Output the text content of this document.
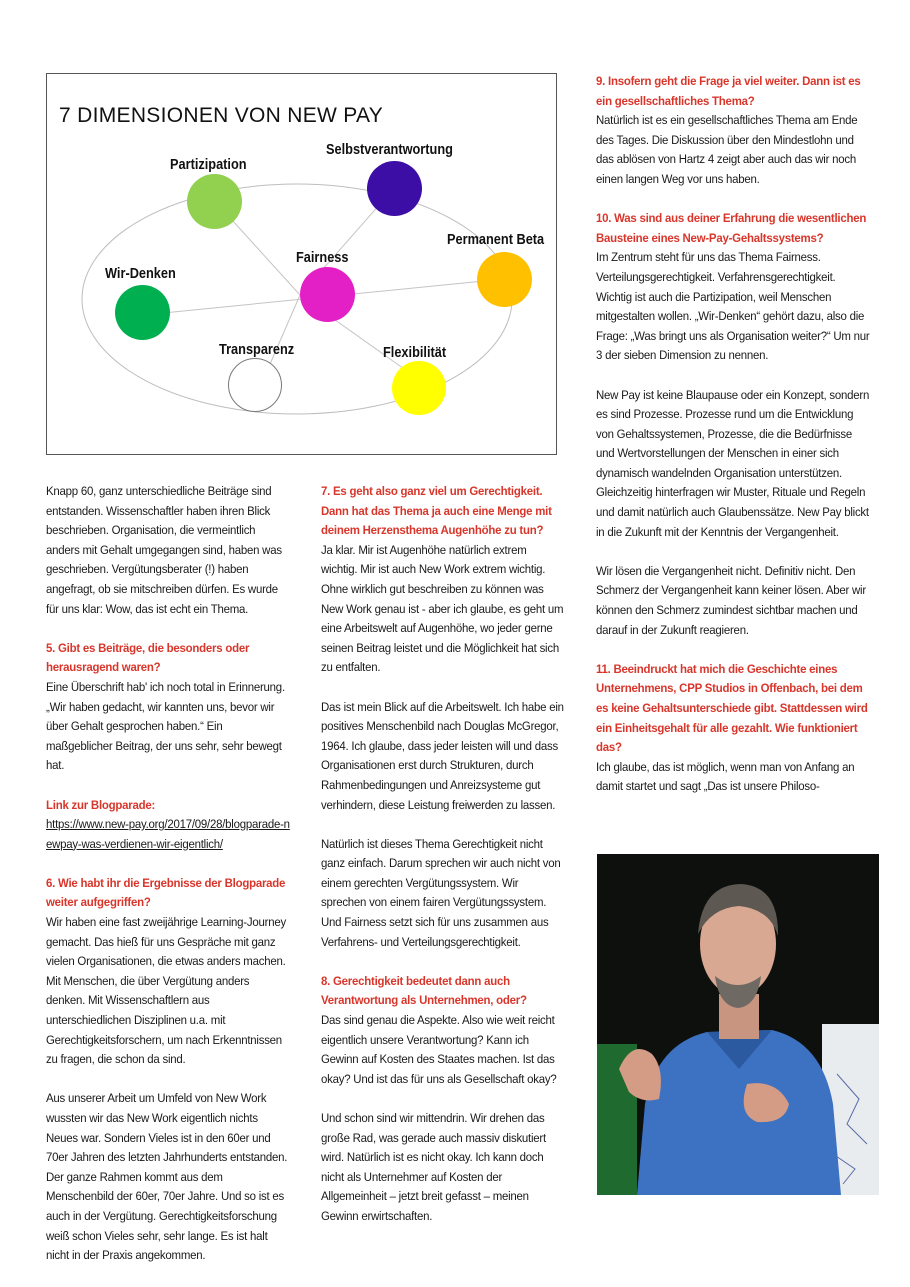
7 DIMENSIONEN VON NEW PAY
Partizipation
Selbstverantwortung
Permanent Beta
Fairness
Wir-Denken
Transparenz	Flexibilität

Knapp 60, ganz unterschiedliche Beiträge sind entstanden. Wissenschaftler haben ihren Blick beschrieben. Organisation, die vermeintlich anders mit Gehalt umgegangen sind, haben was geschrieben. Vergütungsberater (!) haben angefragt, ob sie mitschreiben dürfen. Es wurde für uns klar: Wow, das ist echt ein Thema.

5. Gibt es Beiträge, die besonders oder herausragend waren?

Eine Überschrift hab' ich noch total in Erinnerung. „Wir haben gedacht, wir kannten uns, bevor wir über Gehalt gesprochen haben.“ Ein maßgeblicher Beitrag, der uns sehr, sehr bewegt hat.

Link zur Blogparade:

https://www.new-pay.org/2017/09/28/blogparade-newpay-was-verdienen-wir-eigentlich/

6. Wie habt ihr die Ergebnisse der Blogparade weiter aufgegriffen?

Wir haben eine fast zweijährige Learning-Journey gemacht. Das hieß für uns Gespräche mit ganz vielen Organisationen, die etwas anders machen. Mit Menschen, die über Vergütung anders denken. Mit Wissenschaftlern aus unterschiedlichen Disziplinen u.a. mit Gerechtigkeitsforschern, um nach Erkenntnissen zu fragen, die schon da sind.

Aus unserer Arbeit um Umfeld von New Work wussten wir das New Work eigentlich nichts Neues war. Sondern Vieles ist in den 60er und 70er Jahren des letzten Jahrhunderts entstanden. Der ganze Rahmen kommt aus dem Menschenbild der 60er, 70er Jahre. Und so ist es auch in der Vergütung. Gerechtigkeitsforschung weiß schon Vieles sehr, sehr lange. Es ist halt nicht in der Praxis angekommen.

7. Es geht also ganz viel um Gerechtigkeit. Dann hat das Thema ja auch eine Menge mit deinem Herzensthema Augenhöhe zu tun?

Ja klar. Mir ist Augenhöhe natürlich extrem wichtig. Mir ist auch New Work extrem wichtig. Ohne wirklich gut beschreiben zu können was New Work genau ist - aber ich glaube, es geht um eine Arbeitswelt auf Augenhöhe, wo jeder gerne seinen Beitrag leistet und die Möglichkeit hat sich zu entfalten.

Das ist mein Blick auf die Arbeitswelt. Ich habe ein positives Menschenbild nach Douglas McGregor, 1964. Ich glaube, dass jeder leisten will und dass Organisationen erst durch Strukturen, durch Rahmenbedingungen und Anreizsysteme gut verhindern, diese Leistung freiwerden zu lassen.

Natürlich ist dieses Thema Gerechtigkeit nicht ganz einfach. Darum sprechen wir auch nicht von einem gerechten Vergütungssystem. Wir sprechen von einem fairen Vergütungssystem. Und Fairness setzt sich für uns zusammen aus Verfahrens- und Verteilungsgerechtigkeit.

8. Gerechtigkeit bedeutet dann auch Verantwortung als Unternehmen, oder?

Das sind genau die Aspekte. Also wie weit reicht eigentlich unsere Verantwortung? Kann ich Gewinn auf Kosten des Staates machen. Ist das okay? Und ist das für uns als Gesellschaft okay?

Und schon sind wir mittendrin. Wir drehen das große Rad, was gerade auch massiv diskutiert wird. Natürlich ist es nicht okay. Ich kann doch nicht als Unternehmer auf Kosten der Allgemeinheit – jetzt breit gefasst – meinen Gewinn erwirtschaften.

9. Insofern geht die Frage ja viel weiter. Dann ist es ein gesellschaftliches Thema?

Natürlich ist es ein gesellschaftliches Thema am Ende des Tages. Die Diskussion über den Mindestlohn und das ablösen von Hartz 4 zeigt aber auch das wir noch einen langen Weg vor uns haben.

10. Was sind aus deiner Erfahrung die wesentlichen Bausteine eines New-Pay-Gehaltssystems?

Im Zentrum steht für uns das Thema Fairness. Verteilungsgerechtigkeit. Verfahrensgerechtigkeit. Wichtig ist auch die Partizipation, weil Menschen mitgestalten wollen. „Wir-Denken“ gehört dazu, also die Frage: „Was bringt uns als Organisation weiter?“ Um nur 3 der sieben Dimension zu nennen.

New Pay ist keine Blaupause oder ein Konzept, sondern es sind Prozesse. Prozesse rund um die Entwicklung von Gehaltssystemen, Prozesse, die die Bedürfnisse und Wertvorstellungen der Menschen in einer sich dynamisch wandelnden Organisation unterstützen. Gleichzeitig hinterfragen wir Muster, Rituale und Regeln und damit natürlich auch Glaubenssätze. New Pay blickt in die Zukunft mit der Kenntnis der Vergangenheit.

Wir lösen die Vergangenheit nicht. Definitiv nicht. Den Schmerz der Vergangenheit kann keiner lösen. Aber wir können den Schmerz zumindest sichtbar machen und darauf in der Zukunft reagieren.

11. Beeindruckt hat mich die Geschichte eines Unternehmens, CPP Studios in Offenbach, bei dem es keine Gehaltsunterschiede gibt. Stattdessen wird ein Einheitsgehalt für alle gezahlt. Wie funktioniert das?

Ich glaube, das ist möglich, wenn man von Anfang an damit startet und sagt „Das ist unsere Philoso-
